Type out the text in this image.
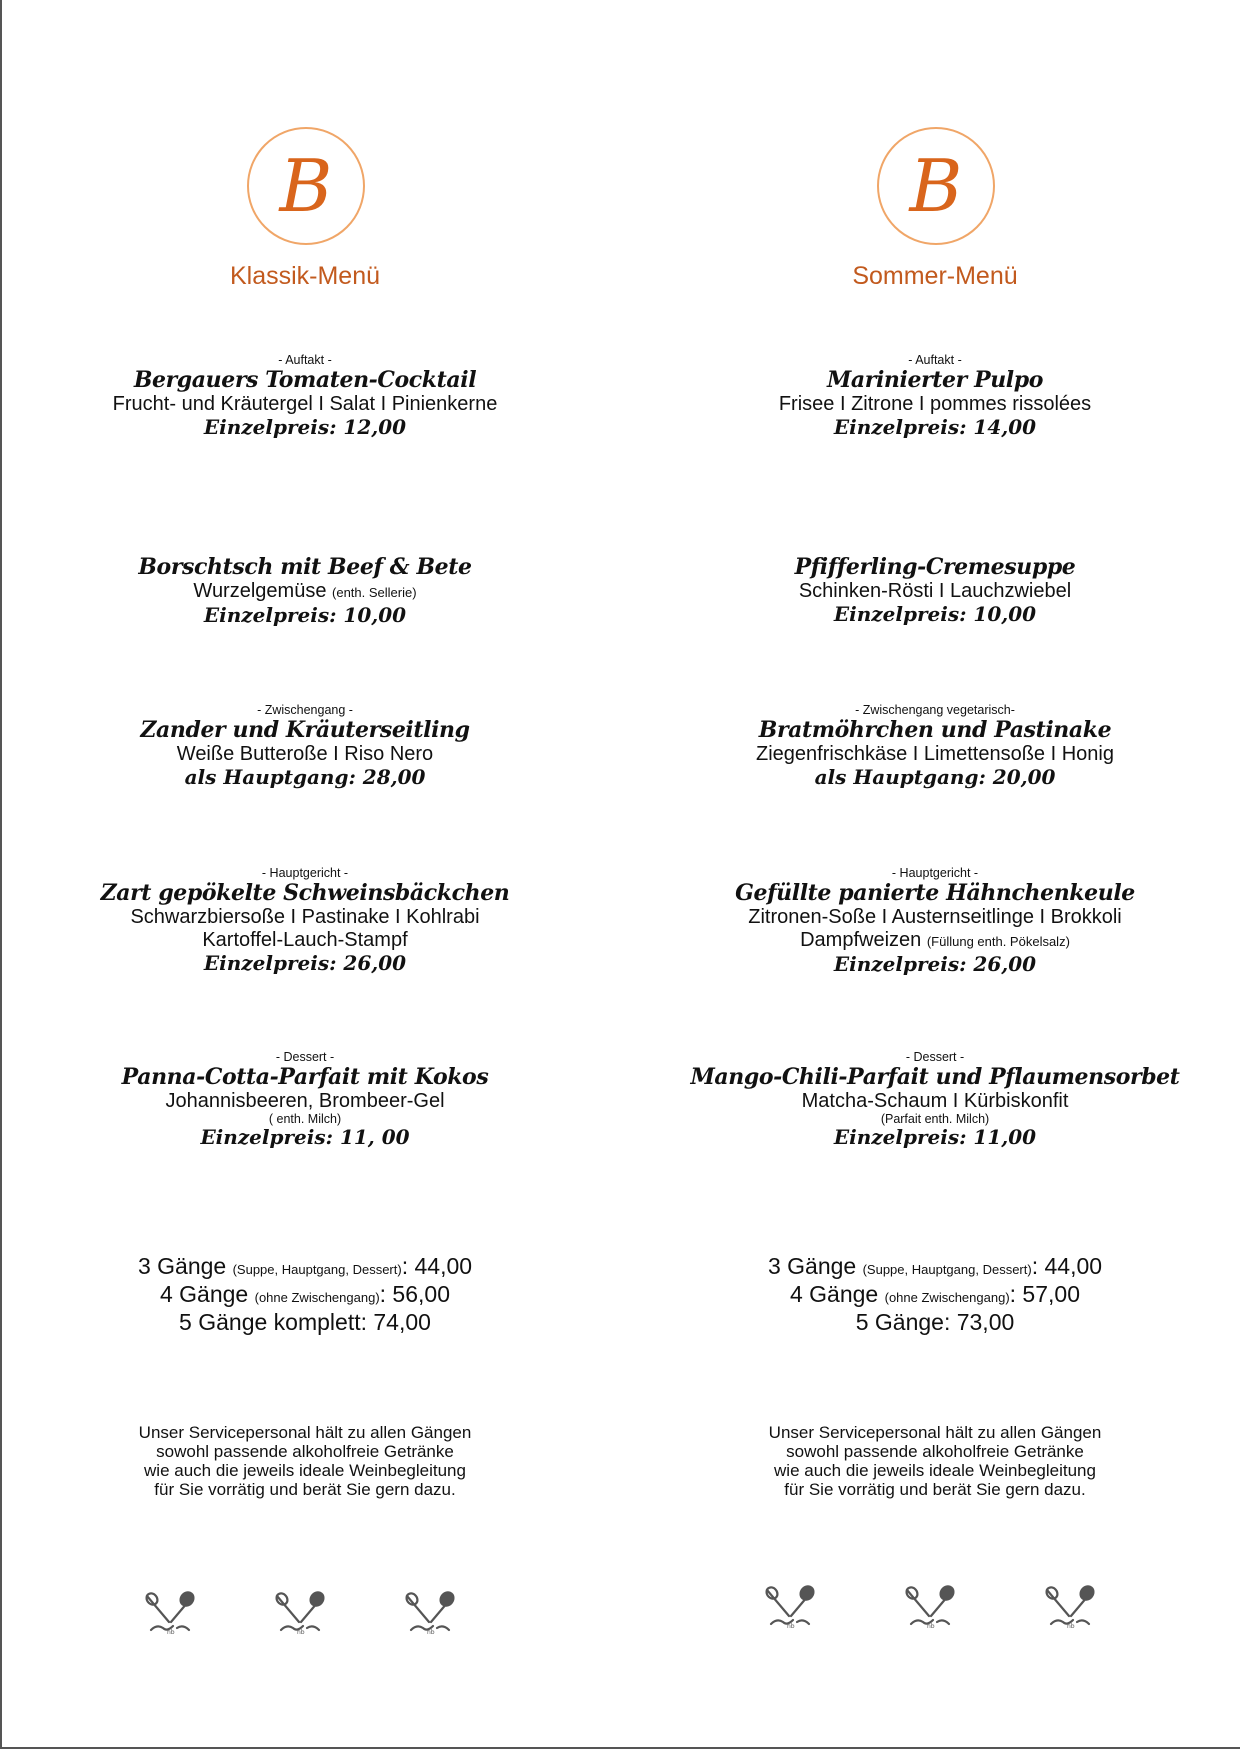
B
Klassik-Menü
- Auftakt -
Bergauers Tomaten-Cocktail
Frucht- und Kräutergel I Salat I Pinienkerne
Einzelpreis: 12,00
Borschtsch mit Beef & Bete
Wurzelgemüse (enth. Sellerie)
Einzelpreis: 10,00
- Zwischengang -
Zander und Kräuterseitling
Weiße Butteroße I Riso Nero
als Hauptgang: 28,00
- Hauptgericht -
Zart gepökelte Schweinsbäckchen
Schwarzbiersoße I Pastinake I Kohlrabi
Kartoffel-Lauch-Stampf
Einzelpreis: 26,00
- Dessert -
Panna-Cotta-Parfait mit Kokos
Johannisbeeren, Brombeer-Gel
( enth. Milch)
Einzelpreis: 11, 00
3 Gänge (Suppe, Hauptgang, Dessert): 44,00
4 Gänge (ohne Zwischengang): 56,00
5 Gänge komplett: 74,00
Unser Servicepersonal hält zu allen Gängen
sowohl passende alkoholfreie Getränke
wie auch die jeweils ideale Weinbegleitung
für Sie vorrätig und berät Sie gern dazu.
nb	nb	nb
B
Sommer-Menü
- Auftakt -
Marinierter Pulpo
Frisee I Zitrone I pommes rissolées
Einzelpreis: 14,00
Pfifferling-Cremesuppe
Schinken-Rösti I Lauchzwiebel
Einzelpreis: 10,00
- Zwischengang vegetarisch-
Bratmöhrchen und Pastinake
Ziegenfrischkäse I Limettensoße I Honig
als Hauptgang: 20,00
- Hauptgericht -
Gefüllte panierte Hähnchenkeule
Zitronen-Soße I Austernseitlinge I Brokkoli
Dampfweizen (Füllung enth. Pökelsalz)
Einzelpreis: 26,00
- Dessert -
Mango-Chili-Parfait und Pflaumensorbet
Matcha-Schaum I Kürbiskonfit
(Parfait enth. Milch)
Einzelpreis: 11,00
3 Gänge (Suppe, Hauptgang, Dessert): 44,00
4 Gänge (ohne Zwischengang): 57,00
5 Gänge: 73,00
Unser Servicepersonal hält zu allen Gängen
sowohl passende alkoholfreie Getränke
wie auch die jeweils ideale Weinbegleitung
für Sie vorrätig und berät Sie gern dazu.
nb	nb	nb
